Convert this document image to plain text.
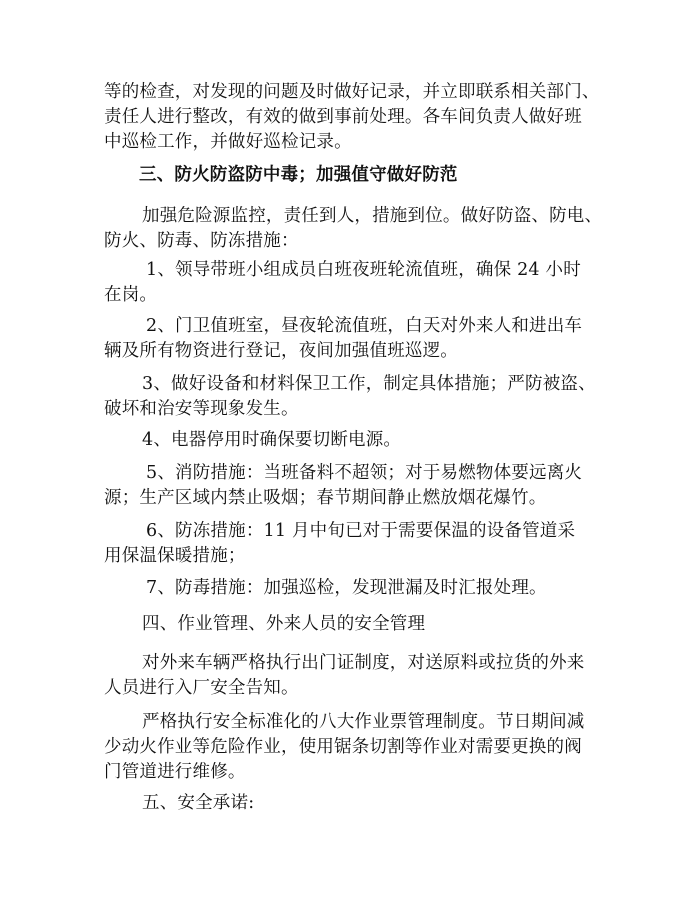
等的检查，对发现的问题及时做好记录，并立即联系相关部门、
责任人进行整改，有效的做到事前处理。各车间负责人做好班
中巡检工作，并做好巡检记录。
三、防火防盗防中毒；加强值守做好防范
加强危险源监控，责任到人，措施到位。做好防盗、防电、
防火、防毒、防冻措施：
1、领导带班小组成员白班夜班轮流值班，确保 24 小时
在岗。
2、门卫值班室，昼夜轮流值班，白天对外来人和进出车
辆及所有物资进行登记，夜间加强值班巡逻。
3、做好设备和材料保卫工作，制定具体措施；严防被盗、
破坏和治安等现象发生。
4、电器停用时确保要切断电源。
5、消防措施：当班备料不超领；对于易燃物体要远离火
源；生产区域内禁止吸烟；春节期间静止燃放烟花爆竹。
6、防冻措施：11 月中旬已对于需要保温的设备管道采
用保温保暖措施；
7、防毒措施：加强巡检，发现泄漏及时汇报处理。
四、作业管理、外来人员的安全管理
对外来车辆严格执行出门证制度，对送原料或拉货的外来
人员进行入厂安全告知。
严格执行安全标准化的八大作业票管理制度。节日期间减
少动火作业等危险作业，使用锯条切割等作业对需要更换的阀
门管道进行维修。
五、安全承诺:
